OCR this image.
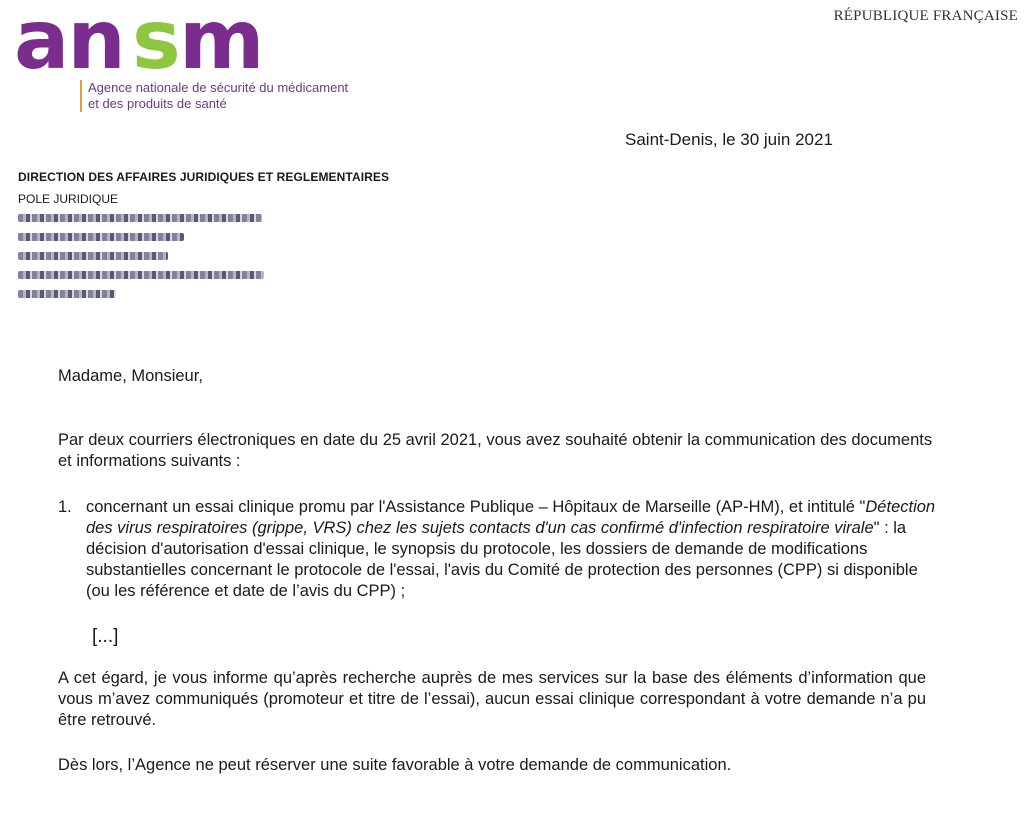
an s m
Agence nationale de sécurité du médicament
et des produits de santé
RÉPUBLIQUE FRANÇAISE
Saint-Denis, le 30 juin 2021
DIRECTION DES AFFAIRES JURIDIQUES ET REGLEMENTAIRES
POLE JURIDIQUE
Madame, Monsieur,
Par deux courriers électroniques en date du 25 avril 2021, vous avez souhaité obtenir la communication des documents et informations suivants :
1. concernant un essai clinique promu par l'Assistance Publique – Hôpitaux de Marseille (AP-HM), et intitulé "Détection des virus respiratoires (grippe, VRS) chez les sujets contacts d'un cas confirmé d'infection respiratoire virale" : la décision d'autorisation d'essai clinique, le synopsis du protocole, les dossiers de demande de modifications substantielles concernant le protocole de l'essai, l'avis du Comité de protection des personnes (CPP) si disponible (ou les référence et date de l’avis du CPP) ;
[...]
A cet égard, je vous informe qu’après recherche auprès de mes services sur la base des éléments d’information que vous m’avez communiqués (promoteur et titre de l’essai), aucun essai clinique correspondant à votre demande n’a pu être retrouvé.
Dès lors, l’Agence ne peut réserver une suite favorable à votre demande de communication.
